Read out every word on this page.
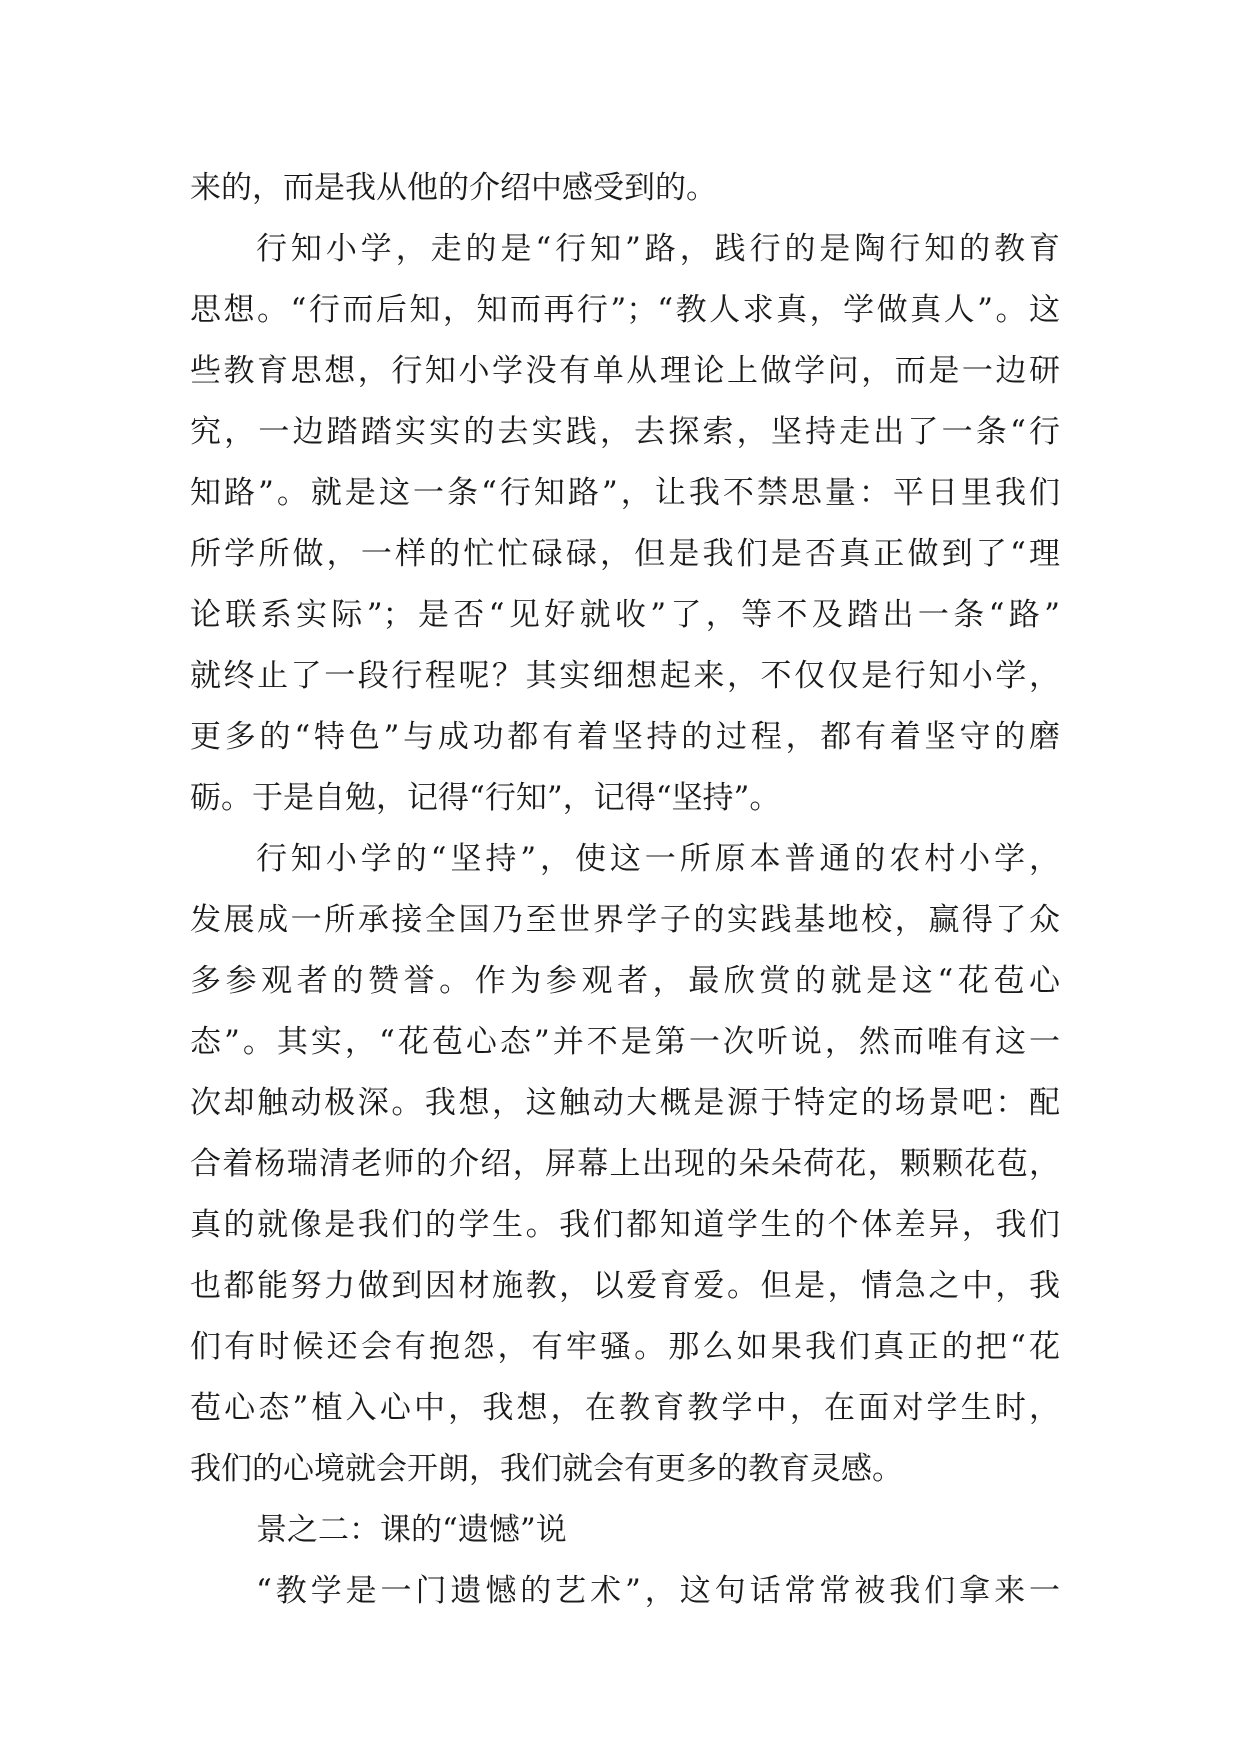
来的，而是我从他的介绍中感受到的。
行知小学，走的是“行知”路，践行的是陶行知的教育
思想。“行而后知，知而再行”；“教人求真，学做真人”。这
些教育思想，行知小学没有单从理论上做学问，而是一边研
究，一边踏踏实实的去实践，去探索，坚持走出了一条“行
知路”。就是这一条“行知路”，让我不禁思量：平日里我们
所学所做，一样的忙忙碌碌，但是我们是否真正做到了“理
论联系实际”；是否“见好就收”了，等不及踏出一条“路”
就终止了一段行程呢？其实细想起来，不仅仅是行知小学，
更多的“特色”与成功都有着坚持的过程，都有着坚守的磨
砺。于是自勉，记得“行知”，记得“坚持”。
行知小学的“坚持”，使这一所原本普通的农村小学，
发展成一所承接全国乃至世界学子的实践基地校，赢得了众
多参观者的赞誉。作为参观者，最欣赏的就是这“花苞心
态”。其实，“花苞心态”并不是第一次听说，然而唯有这一
次却触动极深。我想，这触动大概是源于特定的场景吧：配
合着杨瑞清老师的介绍，屏幕上出现的朵朵荷花，颗颗花苞，
真的就像是我们的学生。我们都知道学生的个体差异，我们
也都能努力做到因材施教，以爱育爱。但是，情急之中，我
们有时候还会有抱怨，有牢骚。那么如果我们真正的把“花
苞心态”植入心中，我想，在教育教学中，在面对学生时，
我们的心境就会开朗，我们就会有更多的教育灵感。
景之二：课的“遗憾”说
“教学是一门遗憾的艺术”，这句话常常被我们拿来一
